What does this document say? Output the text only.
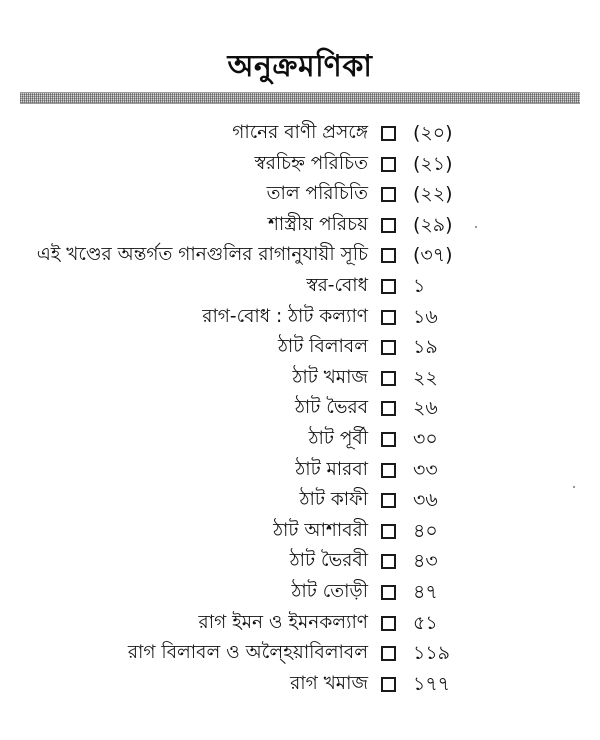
অনুক্রমণিকা
গানের বাণী প্রসঙ্গে (২০)
স্বরচিহ্ন পরিচিত (২১)
তাল পরিচিতি (২২)
শাস্ত্রীয় পরিচয় (২৯)
এই খণ্ডের অন্তর্গত গানগুলির রাগানুযায়ী সূচি (৩৭)
স্বর-বোধ ১
রাগ-বোধ : ঠাট কল্যাণ ১৬
ঠাট বিলাবল ১৯
ঠাট খমাজ ২২
ঠাট ভৈরব ২৬
ঠাট পূর্বী ৩০
ঠাট মারবা ৩৩
ঠাট কাফী ৩৬
ঠাট আশাবরী ৪০
ঠাট ভৈরবী ৪৩
ঠাট তোড়ী ৪৭
রাগ ইমন ও ইমনকল্যাণ ৫১
রাগ বিলাবল ও অল্হৈয়াবিলাবল ১১৯
রাগ খমাজ ১৭৭
